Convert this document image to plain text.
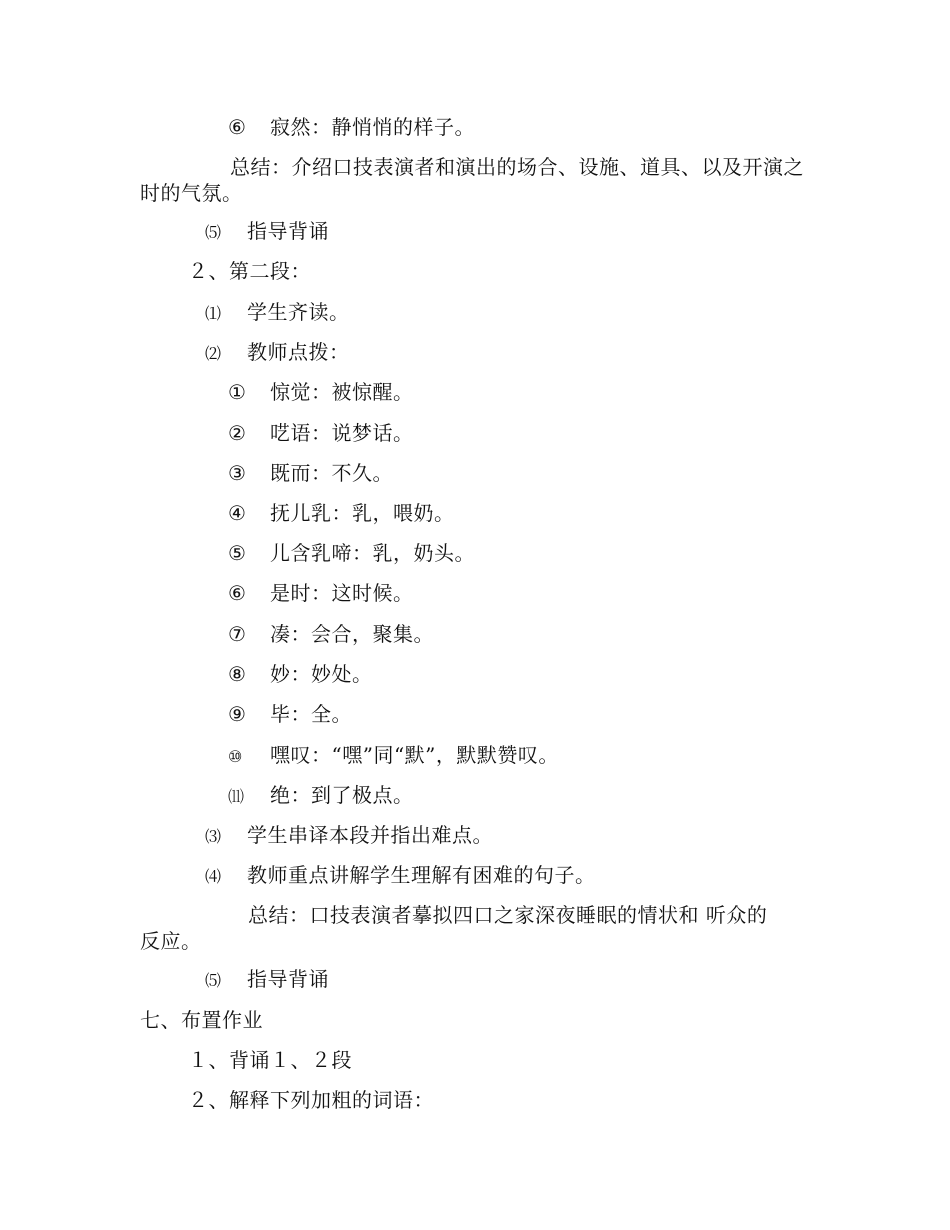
⑥ 寂然：静悄悄的样子。
总结：介绍口技表演者和演出的场合、设施、道具、以及开演之
时的气氛。
⑸ 指导背诵
２、第二段：
⑴ 学生齐读。
⑵ 教师点拨：
① 惊觉：被惊醒。
② 呓语：说梦话。
③ 既而：不久。
④ 抚儿乳：乳，喂奶。
⑤ 儿含乳啼：乳，奶头。
⑥ 是时：这时候。
⑦ 凑：会合，聚集。
⑧ 妙：妙处。
⑨ 毕：全。
⑩ 嘿叹：“嘿”同“默”，默默赞叹。
⑾ 绝：到了极点。
⑶ 学生串译本段并指出难点。
⑷ 教师重点讲解学生理解有困难的句子。
总结：口技表演者摹拟四口之家深夜睡眠的情状和 听众的
反应。
⑸ 指导背诵
七、布置作业
１、背诵１、２段
２、解释下列加粗的词语：
